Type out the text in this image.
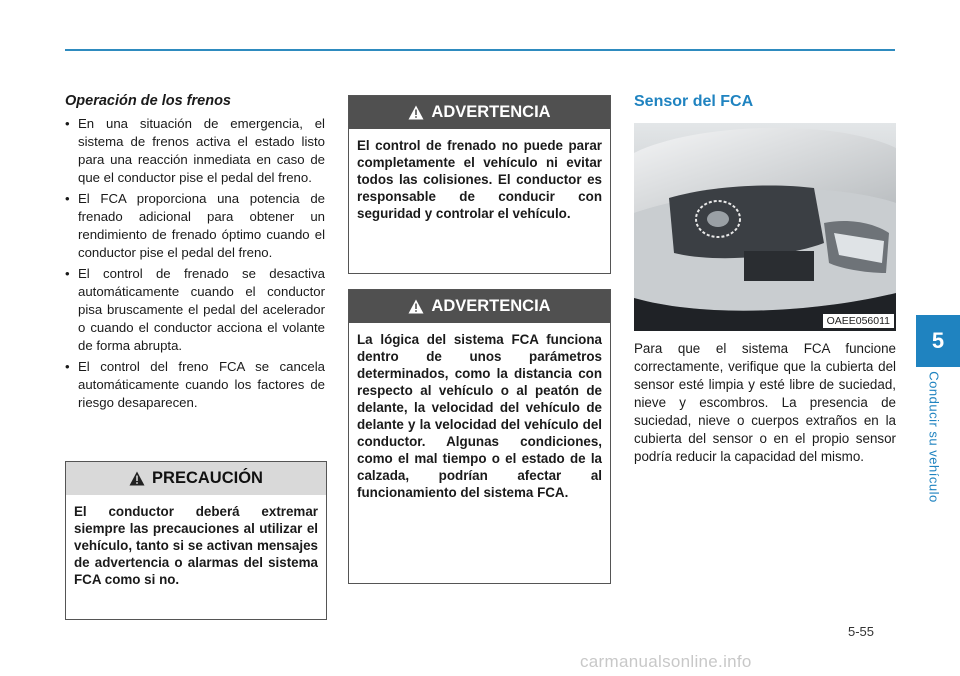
5
Conducir su vehículo
Operación de los frenos
• En una situación de emergencia, el sistema de frenos activa el estado listo para una reacción inmediata en caso de que el conductor pise el pedal del freno.
• El FCA proporciona una potencia de frenado adicional para obtener un rendimiento de frenado óptimo cuando el conductor pise el pedal del freno.
• El control de frenado se desactiva automáticamente cuando el conductor pisa bruscamente el pedal del acelerador o cuando el conductor acciona el volante de forma abrupta.
• El control del freno FCA se cancela automáticamente cuando los factores de riesgo desaparecen.
PRECAUCIÓN
El conductor deberá extremar siempre las precauciones al utilizar el vehículo, tanto si se activan mensajes de advertencia o alarmas del sistema FCA como si no.
ADVERTENCIA
El control de frenado no puede parar completamente el vehículo ni evitar todos las colisiones. El conductor es responsable de conducir con seguridad y controlar el vehículo.
ADVERTENCIA
La lógica del sistema FCA funciona dentro de unos parámetros determinados, como la distancia con respecto al vehículo o al peatón de delante, la velocidad del vehículo de delante y la velocidad del vehículo del conductor. Algunas condiciones, como el mal tiempo o el estado de la calzada, podrían afectar al funcionamiento del sistema FCA.
Sensor del FCA
OAEE056011
Para que el sistema FCA funcione correctamente, verifique que la cubierta del sensor esté limpia y esté libre de suciedad, nieve y escombros. La presencia de suciedad, nieve o cuerpos extraños en la cubierta del sensor o en el propio sensor podría reducir la capacidad del mismo.
5-55
carmanualsonline.info
